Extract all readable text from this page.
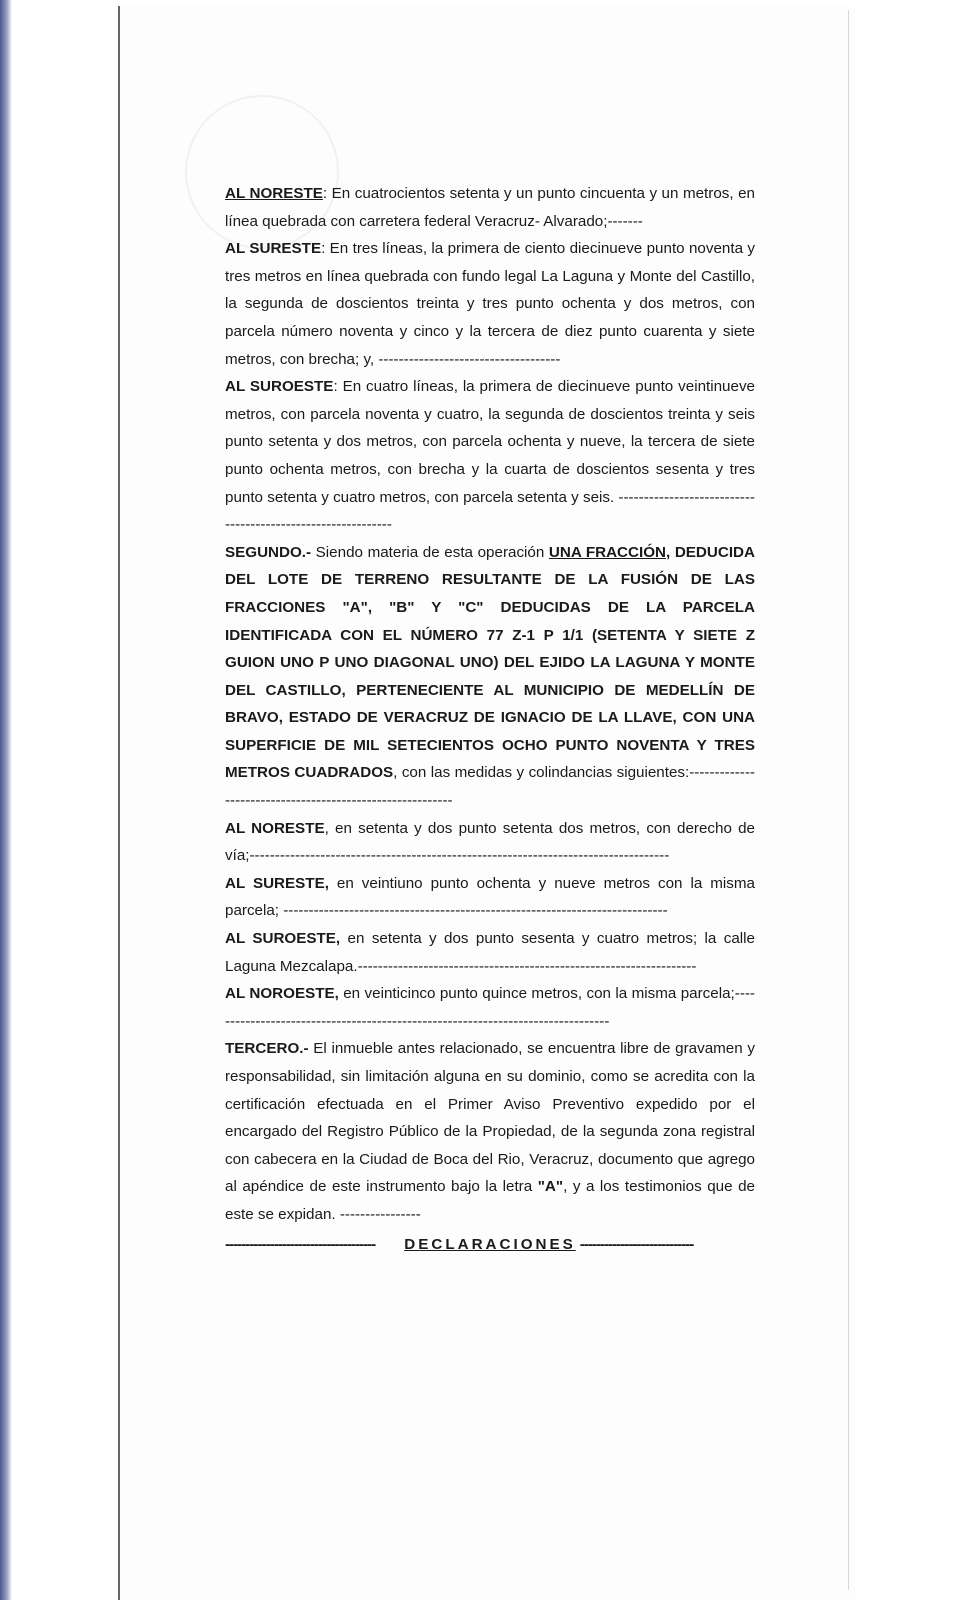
AL NORESTE: En cuatrocientos setenta y un punto cincuenta y un metros, en línea quebrada con carretera federal Veracruz- Alvarado;-------

AL SURESTE: En tres líneas, la primera de ciento diecinueve punto noventa y tres metros en línea quebrada con fundo legal La Laguna y Monte del Castillo, la segunda de doscientos treinta y tres punto ochenta y dos metros, con parcela número noventa y cinco y la tercera de diez punto cuarenta y siete metros, con brecha; y, ------------------------------------

AL SUROESTE: En cuatro líneas, la primera de diecinueve punto veintinueve metros, con parcela noventa y cuatro, la segunda de doscientos treinta y seis punto setenta y dos metros, con parcela ochenta y nueve, la tercera de siete punto ochenta metros, con brecha y la cuarta de doscientos sesenta y tres punto setenta y cuatro metros, con parcela setenta y seis. ------------------------------------------------------------

SEGUNDO.- Siendo materia de esta operación UNA FRACCIÓN, DEDUCIDA DEL LOTE DE TERRENO RESULTANTE DE LA FUSIÓN DE LAS FRACCIONES "A", "B" Y "C" DEDUCIDAS DE LA PARCELA IDENTIFICADA CON EL NÚMERO 77 Z-1 P 1/1 (SETENTA Y SIETE Z GUION UNO P UNO DIAGONAL UNO) DEL EJIDO LA LAGUNA Y MONTE DEL CASTILLO, PERTENECIENTE AL MUNICIPIO DE MEDELLÍN DE BRAVO, ESTADO DE VERACRUZ DE IGNACIO DE LA LLAVE, CON UNA SUPERFICIE DE MIL SETECIENTOS OCHO PUNTO NOVENTA Y TRES METROS CUADRADOS, con las medidas y colindancias siguientes:----------------------------------------------------------

AL NORESTE, en setenta y dos punto setenta dos metros, con derecho de vía;-----------------------------------------------------------------------------------

AL SURESTE, en veintiuno punto ochenta y nueve metros con la misma parcela; ----------------------------------------------------------------------------

AL SUROESTE, en setenta y dos punto sesenta y cuatro metros; la calle Laguna Mezcalapa.-------------------------------------------------------------------

AL NOROESTE, en veinticinco punto quince metros, con la misma parcela;--------------------------------------------------------------------------------

TERCERO.- El inmueble antes relacionado, se encuentra libre de gravamen y responsabilidad, sin limitación alguna en su dominio, como se acredita con la certificación efectuada en el Primer Aviso Preventivo expedido por el encargado del Registro Público de la Propiedad, de la segunda zona registral con cabecera en la Ciudad de Boca del Rio, Veracruz, documento que agrego al apéndice de este instrumento bajo la letra "A", y a los testimonios que de este se expidan. ----------------

-------------------------------------	DECLARACIONES ----------------------------
